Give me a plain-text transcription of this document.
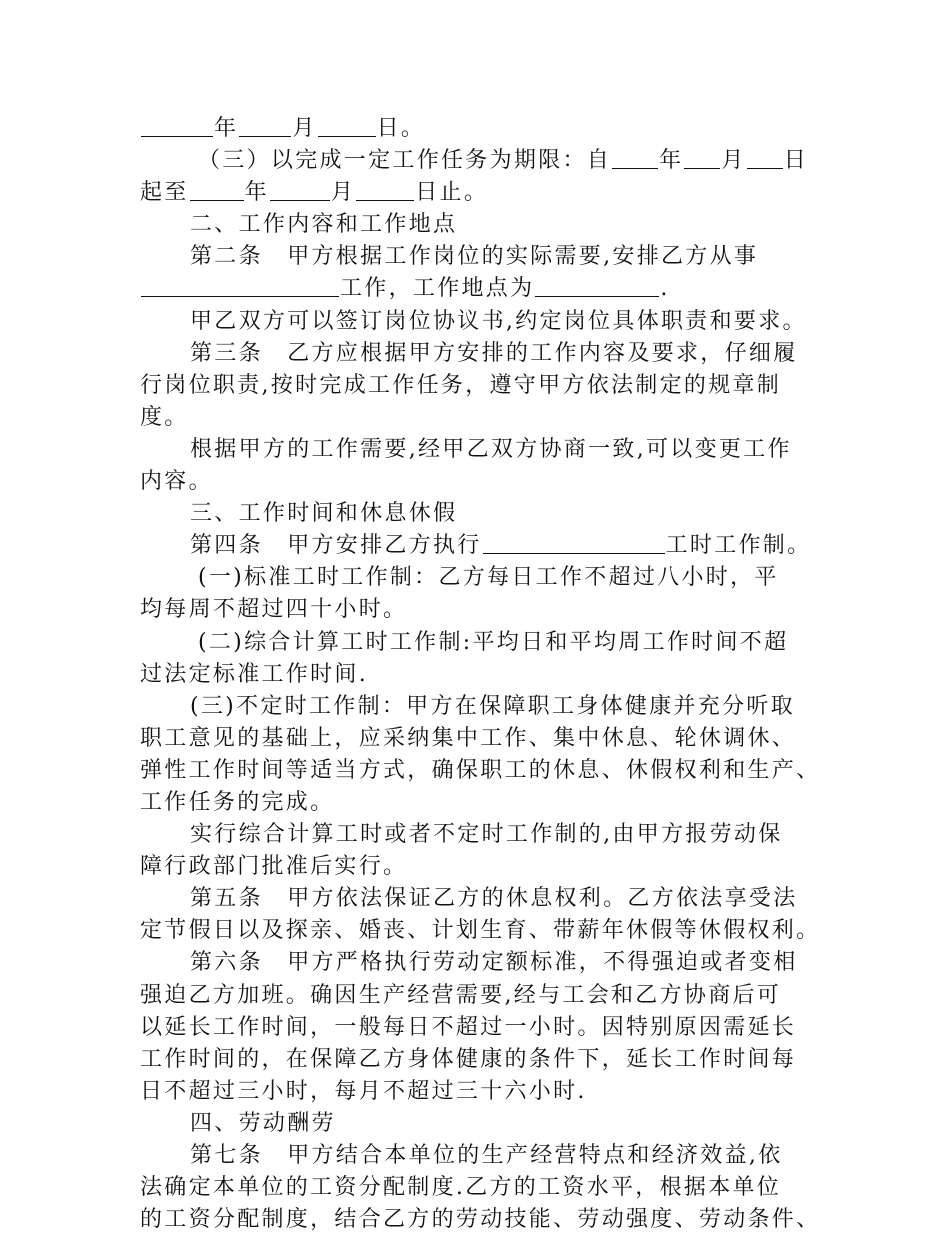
年 月	日。
（三）以完成一定工作任务为期限：自 年 月 日
起至	年	月	日止。
二、工作内容和工作地点
第二条　甲方根据工作岗位的实际需要,安排乙方从事
工作，工作地点为	.
甲乙双方可以签订岗位协议书,约定岗位具体职责和要求。
第三条　乙方应根据甲方安排的工作内容及要求，仔细履
行岗位职责,按时完成工作任务，遵守甲方依法制定的规章制
度。
根据甲方的工作需要,经甲乙双方协商一致,可以变更工作
内容。
三、工作时间和休息休假
第四条　甲方安排乙方执行	工时工作制。
(一)标准工时工作制：乙方每日工作不超过八小时，平
均每周不超过四十小时。
(二)综合计算工时工作制:平均日和平均周工作时间不超
过法定标准工作时间.
(三)不定时工作制：甲方在保障职工身体健康并充分听取
职工意见的基础上，应采纳集中工作、集中休息、轮休调休、
弹性工作时间等适当方式，确保职工的休息、休假权利和生产、
工作任务的完成。
实行综合计算工时或者不定时工作制的,由甲方报劳动保
障行政部门批准后实行。
第五条　甲方依法保证乙方的休息权利。乙方依法享受法
定节假日以及探亲、婚丧、计划生育、带薪年休假等休假权利。
第六条　甲方严格执行劳动定额标准，不得强迫或者变相
强迫乙方加班。确因生产经营需要,经与工会和乙方协商后可
以延长工作时间，一般每日不超过一小时。因特别原因需延长
工作时间的，在保障乙方身体健康的条件下，延长工作时间每
日不超过三小时，每月不超过三十六小时.
四、劳动酬劳
第七条　甲方结合本单位的生产经营特点和经济效益,依
法确定本单位的工资分配制度.乙方的工资水平，根据本单位
的工资分配制度，结合乙方的劳动技能、劳动强度、劳动条件、
